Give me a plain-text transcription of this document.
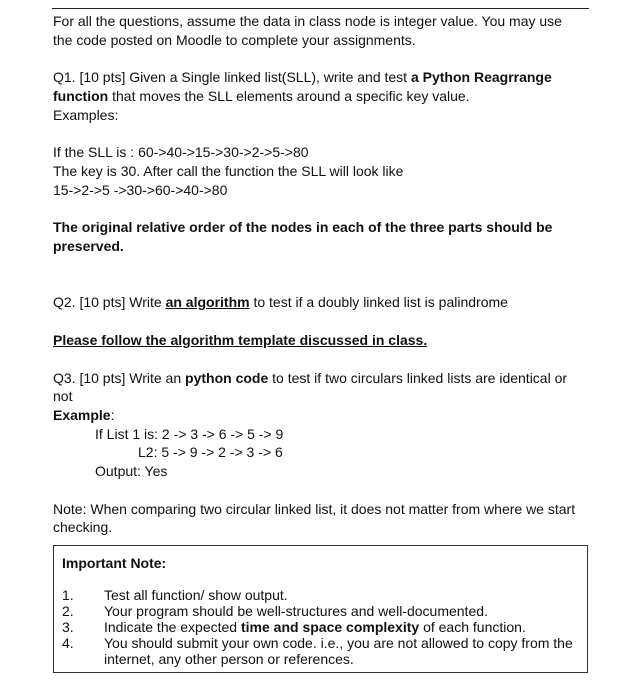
For all the questions, assume the data in class node is integer value. You may use
the code posted on Moodle to complete your assignments.
Q1. [10 pts] Given a Single linked list(SLL), write and test a Python Reagrrange
function that moves the SLL elements around a specific key value.
Examples:
If the SLL is : 60->40->15->30->2->5->80
The key is 30. After call the function the SLL will look like
15->2->5 ->30->60->40->80
The original relative order of the nodes in each of the three parts should be
preserved.
Q2. [10 pts] Write an algorithm to test if a doubly linked list is palindrome
Please follow the algorithm template discussed in class.
Q3. [10 pts] Write an python code to test if two circulars linked lists are identical or
not
Example:
If List 1 is: 2 -> 3 -> 6 -> 5 -> 9
L2: 5 -> 9 -> 2 -> 3 -> 6
Output: Yes
Note: When comparing two circular linked list, it does not matter from where we start
checking.
Important Note:
1. Test all function/ show output.
2. Your program should be well-structures and well-documented.
3. Indicate the expected time and space complexity of each function.
4. You should submit your own code. i.e., you are not allowed to copy from the
internet, any other person or references.
